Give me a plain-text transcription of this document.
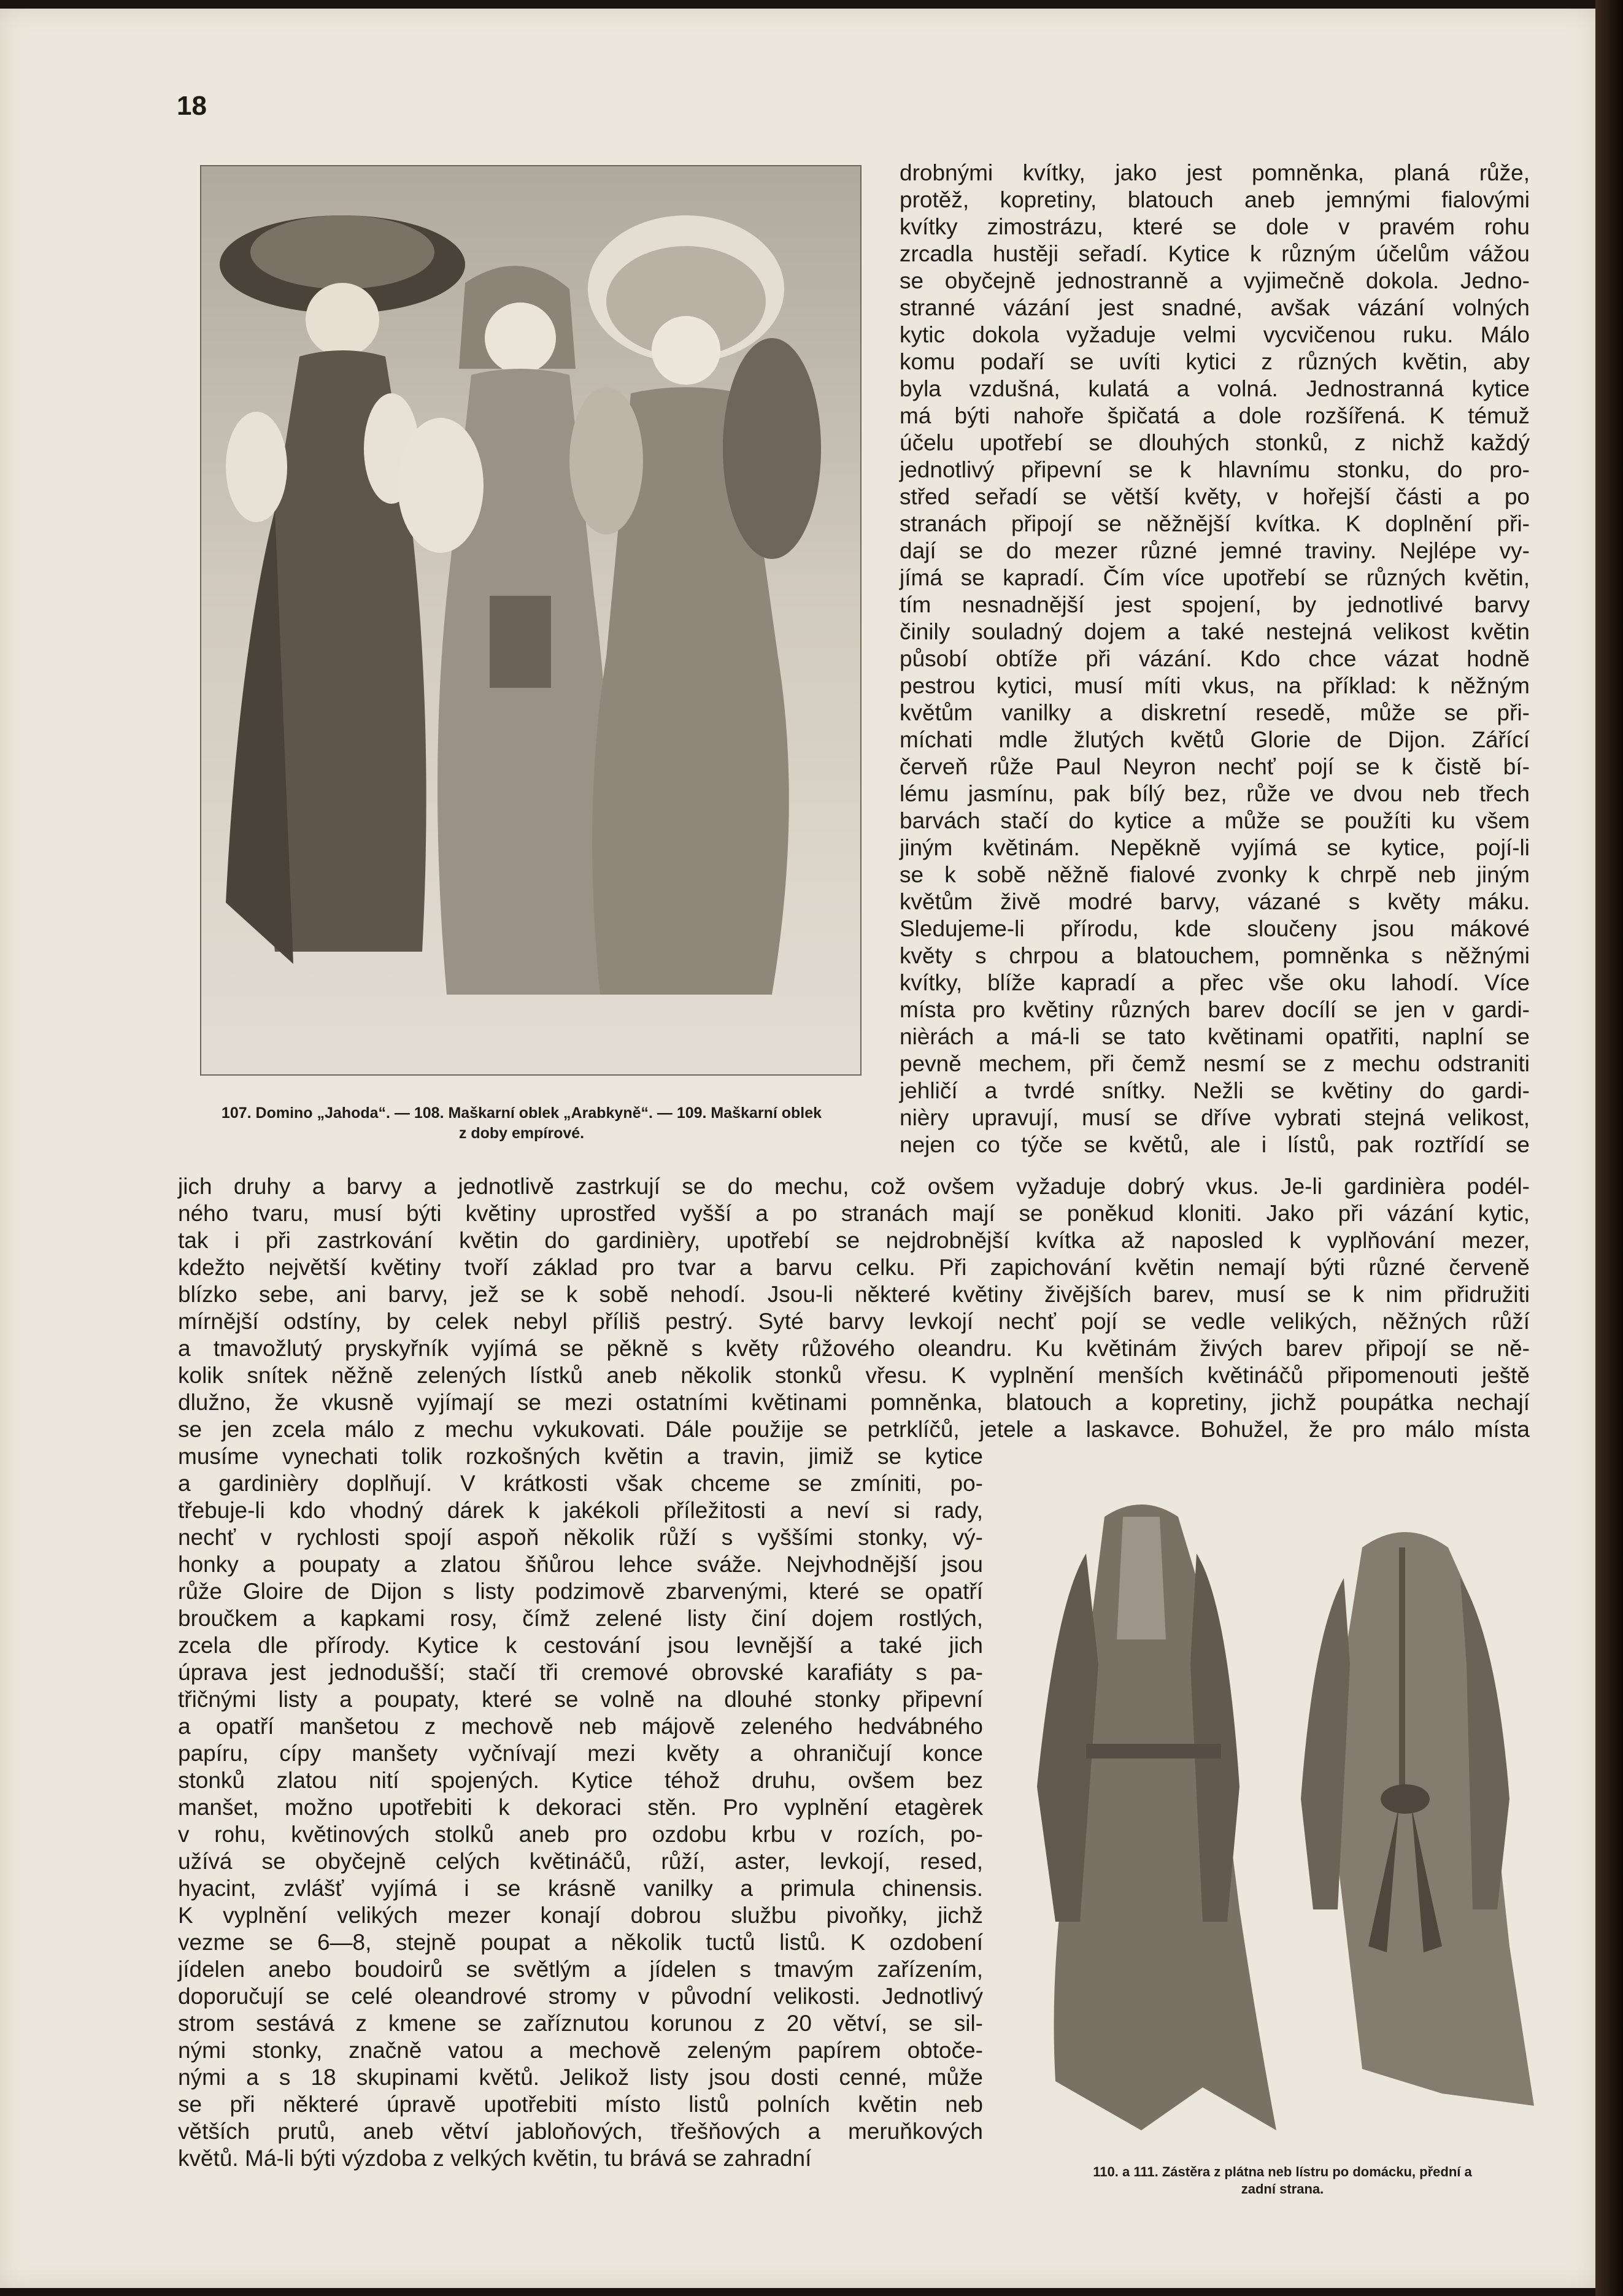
18
107. Domino „Jahoda“. — 108. Maškarní oblek „Arabkyně“. — 109. Maškarní oblek
z doby empírové.
drobnými kvítky, jako jest pomněnka, planá růže,
protěž, kopretiny, blatouch aneb jemnými fialovými
kvítky zimostrázu, které se dole v pravém rohu
zrcadla hustěji seřadí. Kytice k různým účelům vážou
se obyčejně jednostranně a vyjimečně dokola. Jedno-
stranné vázání jest snadné, avšak vázání volných
kytic dokola vyžaduje velmi vycvičenou ruku. Málo
komu podaří se uvíti kytici z různých květin, aby
byla vzdušná, kulatá a volná. Jednostranná kytice
má býti nahoře špičatá a dole rozšířená. K témuž
účelu upotřebí se dlouhých stonků, z nichž každý
jednotlivý připevní se k hlavnímu stonku, do pro-
střed seřadí se větší květy, v hořejší části a po
stranách připojí se něžnější kvítka. K doplnění při-
dají se do mezer různé jemné traviny. Nejlépe vy-
jímá se kapradí. Čím více upotřebí se různých květin,
tím nesnadnější jest spojení, by jednotlivé barvy
činily souladný dojem a také nestejná velikost květin
působí obtíže při vázání. Kdo chce vázat hodně
pestrou kytici, musí míti vkus, na příklad: k něžným
květům vanilky a diskretní resedě, může se při-
míchati mdle žlutých květů Glorie de Dijon. Zářící
červeň růže Paul Neyron nechť pojí se k čistě bí-
lému jasmínu, pak bílý bez, růže ve dvou neb třech
barvách stačí do kytice a může se použíti ku všem
jiným květinám. Nepěkně vyjímá se kytice, pojí-li
se k sobě něžně fialové zvonky k chrpě neb jiným
květům živě modré barvy, vázané s květy máku.
Sledujeme-li přírodu, kde sloučeny jsou mákové
květy s chrpou a blatouchem, pomněnka s něžnými
kvítky, blíže kapradí a přec vše oku lahodí. Více
místa pro květiny různých barev docílí se jen v gardi-
nièrách a má-li se tato květinami opatřiti, naplní se
pevně mechem, při čemž nesmí se z mechu odstraniti
jehličí a tvrdé snítky. Nežli se květiny do gardi-
nièry upravují, musí se dříve vybrati stejná velikost,
nejen co týče se květů, ale i lístů, pak roztřídí se
jich druhy a barvy a jednotlivě zastrkují se do mechu, což ovšem vyžaduje dobrý vkus. Je-li gardinièra podél-
ného tvaru, musí býti květiny uprostřed vyšší a po stranách mají se poněkud kloniti. Jako při vázání kytic,
tak i při zastrkování květin do gardinièry, upotřebí se nejdrobnější kvítka až naposled k vyplňování mezer,
kdežto největší květiny tvoří základ pro tvar a barvu celku. Při zapichování květin nemají býti různé červeně
blízko sebe, ani barvy, jež se k sobě nehodí. Jsou-li některé květiny živějších barev, musí se k nim přidružiti
mírnější odstíny, by celek nebyl příliš pestrý. Syté barvy levkojí nechť pojí se vedle velikých, něžných růží
a tmavožlutý pryskyřník vyjímá se pěkně s květy růžového oleandru. Ku květinám živých barev připojí se ně-
kolik snítek něžně zelených lístků aneb několik stonků vřesu. K vyplnění menších květináčů připomenouti ještě
dlužno, že vkusně vyjímají se mezi ostatními květinami pomněnka, blatouch a kopretiny, jichž poupátka nechají
se jen zcela málo z mechu vykukovati. Dále použije se petrklíčů, jetele a laskavce. Bohužel, že pro málo místa
musíme vynechati tolik rozkošných květin a travin, jimiž se kytice
a gardinièry doplňují. V krátkosti však chceme se zmíniti, po-
třebuje-li kdo vhodný dárek k jakékoli příležitosti a neví si rady,
nechť v rychlosti spojí aspoň několik růží s vyššími stonky, vý-
honky a poupaty a zlatou šňůrou lehce sváže. Nejvhodnější jsou
růže Gloire de Dijon s listy podzimově zbarvenými, které se opatří
broučkem a kapkami rosy, čímž zelené listy činí dojem rostlých,
zcela dle přírody. Kytice k cestování jsou levnější a také jich
úprava jest jednodušší; stačí tři cremové obrovské karafiáty s pa-
třičnými listy a poupaty, které se volně na dlouhé stonky připevní
a opatří manšetou z mechově neb májově zeleného hedvábného
papíru, cípy manšety vyčnívají mezi květy a ohraničují konce
stonků zlatou nití spojených. Kytice téhož druhu, ovšem bez
manšet, možno upotřebiti k dekoraci stěn. Pro vyplnění etagèrek
v rohu, květinových stolků aneb pro ozdobu krbu v rozích, po-
užívá se obyčejně celých květináčů, růží, aster, levkojí, resed,
hyacint, zvlášť vyjímá i se krásně vanilky a primula chinensis.
K vyplnění velikých mezer konají dobrou službu pivoňky, jichž
vezme se 6—8, stejně poupat a několik tuctů listů. K ozdobení
jídelen anebo boudoirů se světlým a jídelen s tmavým zařízením,
doporučují se celé oleandrové stromy v původní velikosti. Jednotlivý
strom sestává z kmene se zaříznutou korunou z 20 větví, se sil-
nými stonky, značně vatou a mechově zeleným papírem obtoče-
nými a s 18 skupinami květů. Jelikož listy jsou dosti cenné, může
se při některé úpravě upotřebiti místo listů polních květin neb
větších prutů, aneb větví jabloňových, třešňových a meruňkových
květů. Má-li býti výzdoba z velkých květin, tu brává se zahradní
110. a 111. Zástěra z plátna neb lístru po domácku, přední a
zadní strana.
